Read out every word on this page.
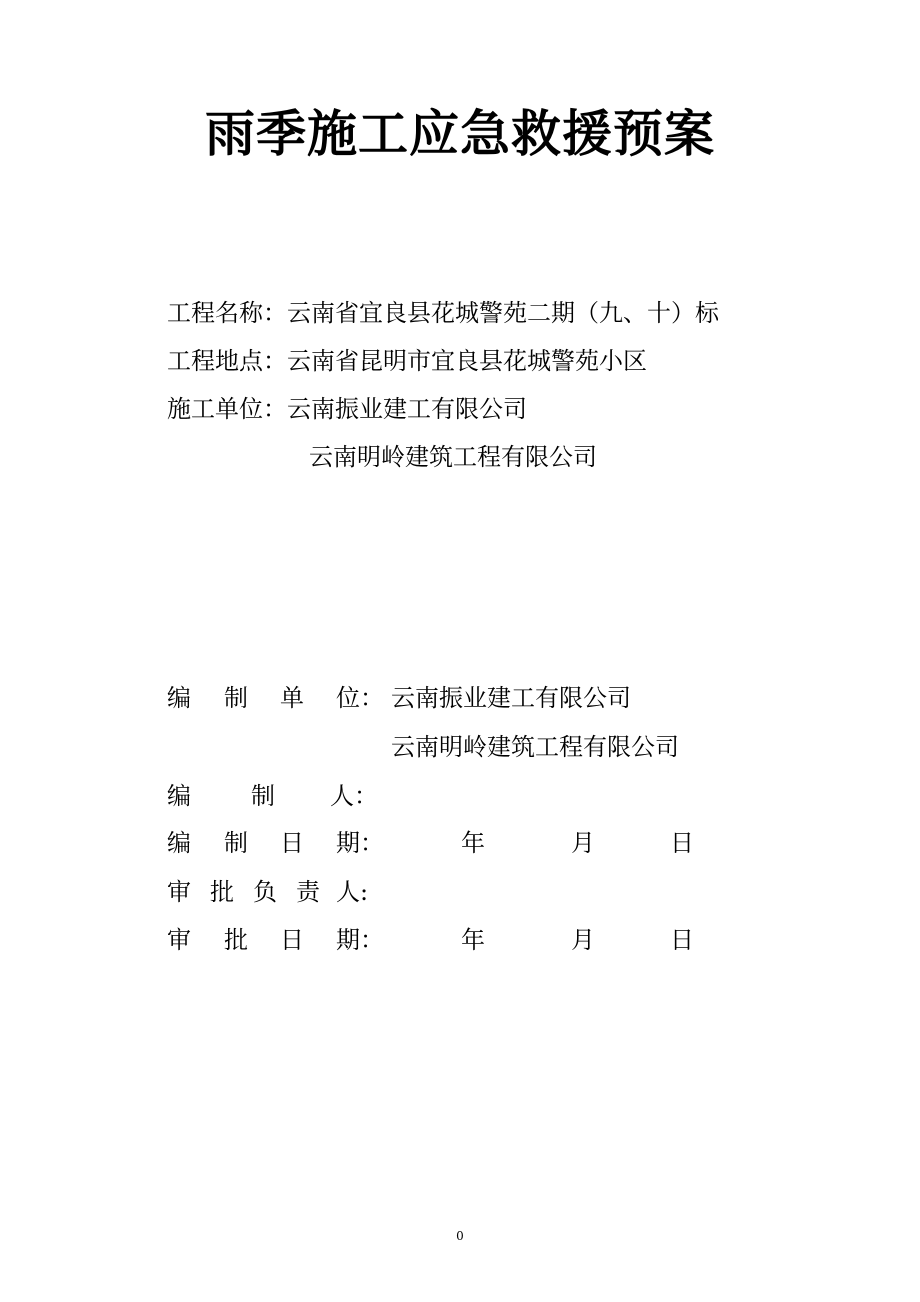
雨季施工应急救援预案
工程名称：云南省宜良县花城警苑二期（九、十）标
工程地点：云南省昆明市宜良县花城警苑小区
施工单位：云南振业建工有限公司
云南明岭建筑工程有限公司
编 制 单 位： 云南振业建工有限公司
云南明岭建筑工程有限公司
编	制 人：
编 制 日 期：	年	月	日
审 批 负 责 人:
审 批 日 期：	年	月	日
0
